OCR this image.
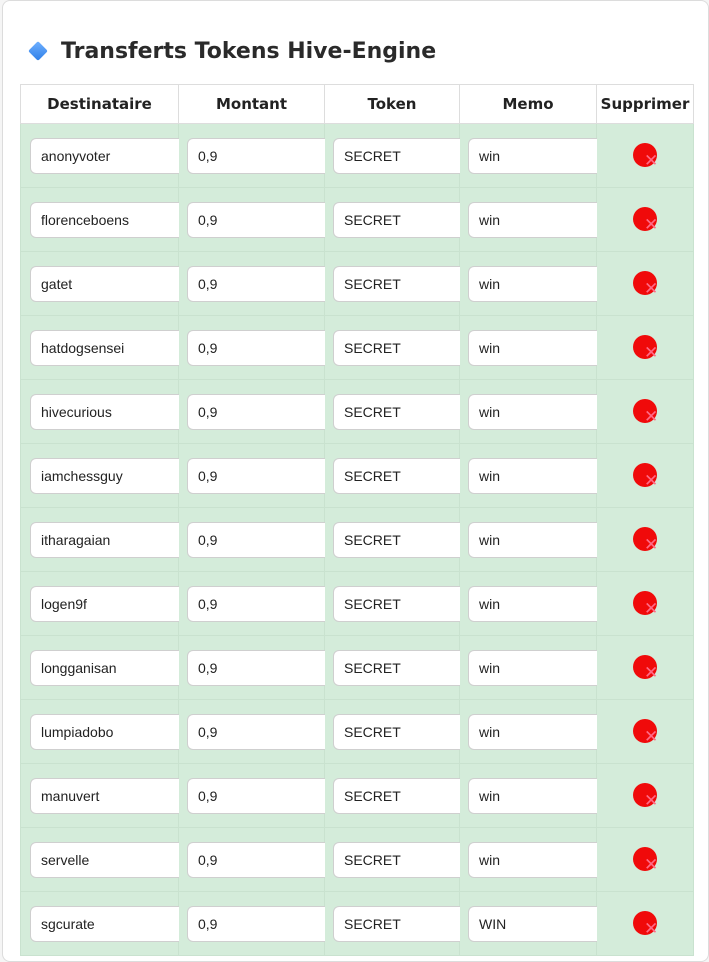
Transferts Tokens Hive-Engine
Destinataire	Montant	Token	Memo	Supprimer

anonyvoter	0,9	SECRET	win	✕

florenceboens	0,9	SECRET	win	✕

gatet	0,9	SECRET	win	✕

hatdogsensei	0,9	SECRET	win	✕

hivecurious	0,9	SECRET	win	✕

iamchessguy	0,9	SECRET	win	✕

itharagaian	0,9	SECRET	win	✕

logen9f	0,9	SECRET	win	✕

longganisan	0,9	SECRET	win	✕

lumpiadobo	0,9	SECRET	win	✕

manuvert	0,9	SECRET	win	✕

servelle	0,9	SECRET	win	✕

sgcurate	0,9	SECRET	WIN	✕
